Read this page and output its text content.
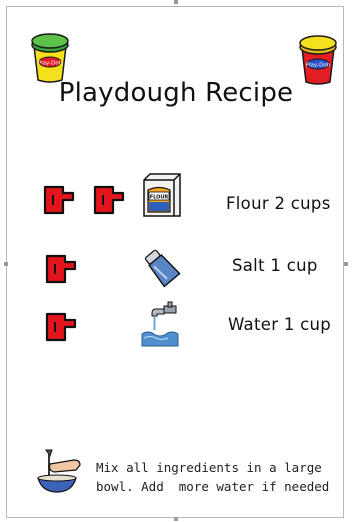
Play-Doh	Play-Doh
Playdough Recipe
FLOUR	Flour 2 cups
Salt 1 cup
Water 1 cup
Mix all ingredients in a large
bowl. Add  more water if needed
